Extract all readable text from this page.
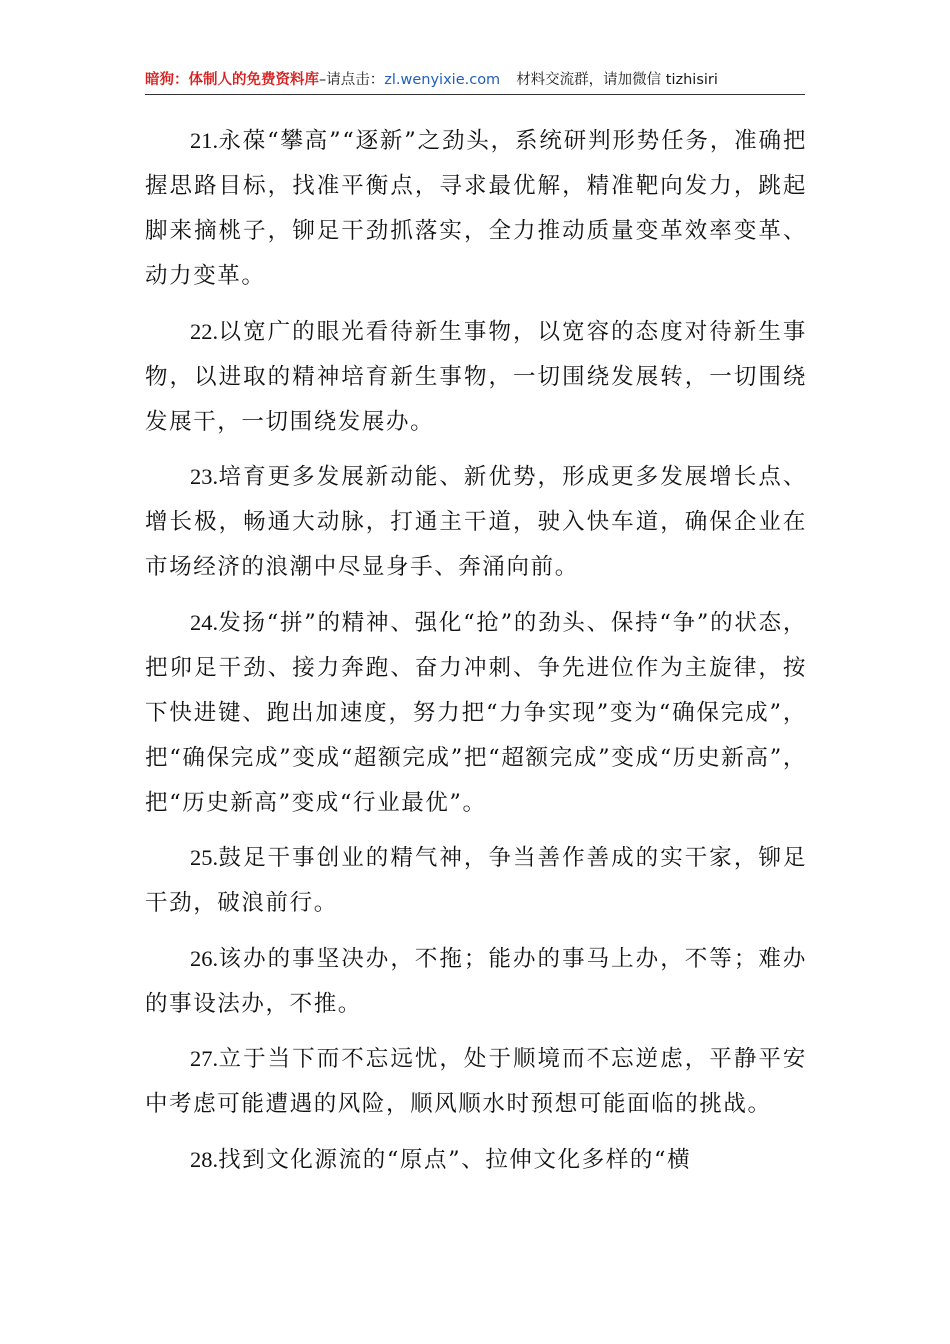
暗狗：体制人的免费资料库–请点击：zl.wenyixie.com 材料交流群，请加微信 tizhisiri

21.永葆“攀高”“逐新”之劲头，系统研判形势任务，准确把握思路目标，找准平衡点，寻求最优解，精准靶向发力，跳起脚来摘桃子，铆足干劲抓落实，全力推动质量变革效率变革、动力变革。

22.以宽广的眼光看待新生事物，以宽容的态度对待新生事物，以进取的精神培育新生事物，一切围绕发展转，一切围绕发展干，一切围绕发展办。

23.培育更多发展新动能、新优势，形成更多发展增长点、增长极，畅通大动脉，打通主干道，驶入快车道，确保企业在市场经济的浪潮中尽显身手、奔涌向前。

24.发扬“拼”的精神、强化“抢”的劲头、保持“争”的状态，把卯足干劲、接力奔跑、奋力冲刺、争先进位作为主旋律，按下快进键、跑出加速度，努力把“力争实现”变为“确保完成”，把“确保完成”变成“超额完成”把“超额完成”变成“历史新高”，把“历史新高”变成“行业最优”。

25.鼓足干事创业的精气神，争当善作善成的实干家，铆足干劲，破浪前行。

26.该办的事坚决办，不拖；能办的事马上办，不等；难办的事设法办，不推。

27.立于当下而不忘远忧，处于顺境而不忘逆虑，平静平安中考虑可能遭遇的风险，顺风顺水时预想可能面临的挑战。

28.找到文化源流的“原点”、拉伸文化多样的“横
